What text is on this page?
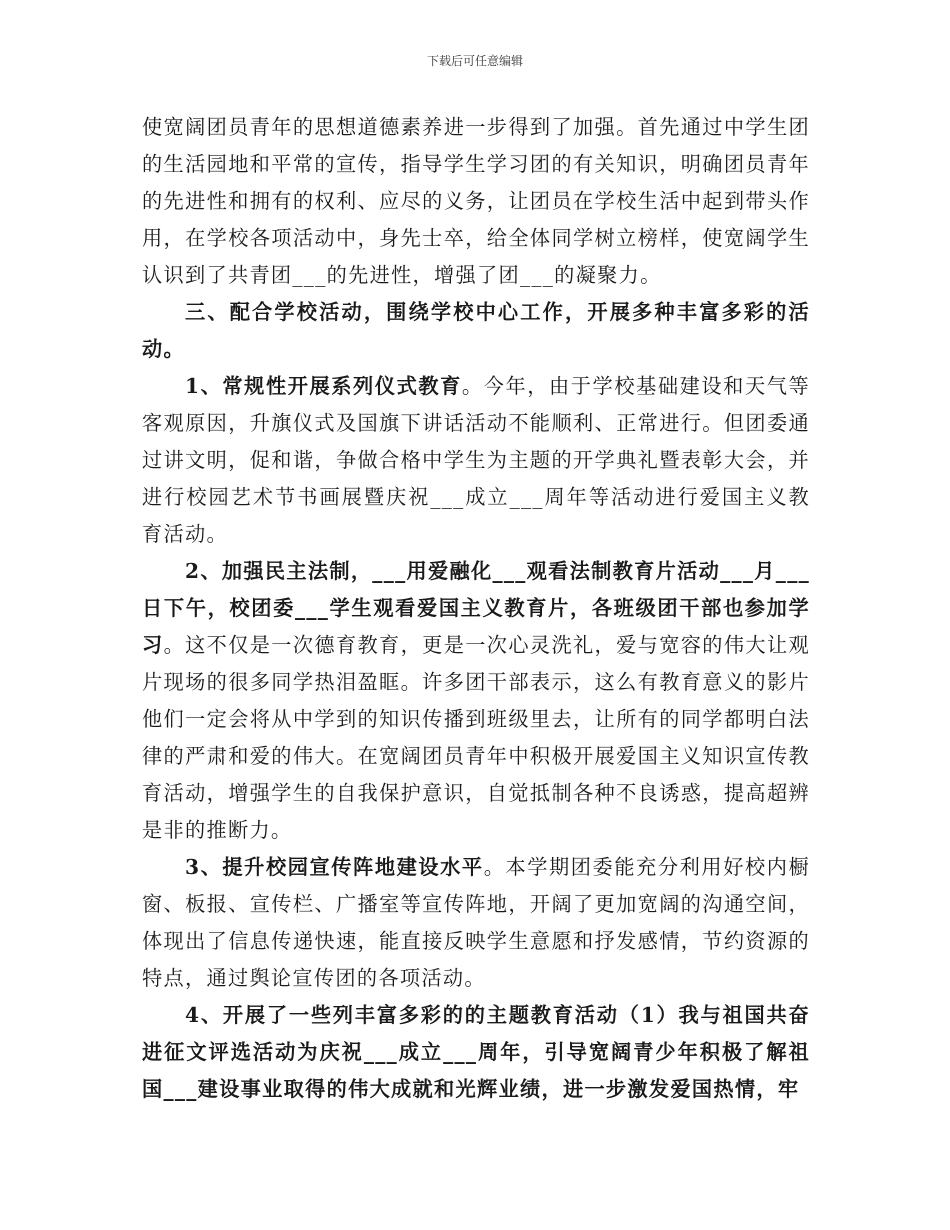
下载后可任意编辑

使宽阔团员青年的思想道德素养进一步得到了加强。首先通过中学生团的生活园地和平常的宣传，指导学生学习团的有关知识，明确团员青年的先进性和拥有的权利、应尽的义务，让团员在学校生活中起到带头作用，在学校各项活动中，身先士卒，给全体同学树立榜样，使宽阔学生认识到了共青团___的先进性，增强了团___的凝聚力。

三、配合学校活动，围绕学校中心工作，开展多种丰富多彩的活动。

1、常规性开展系列仪式教育。今年，由于学校基础建设和天气等客观原因，升旗仪式及国旗下讲话活动不能顺利、正常进行。但团委通过讲文明，促和谐，争做合格中学生为主题的开学典礼暨表彰大会，并进行校园艺术节书画展暨庆祝___成立___周年等活动进行爱国主义教育活动。

2、加强民主法制，___用爱融化___观看法制教育片活动___月___日下午，校团委___学生观看爱国主义教育片，各班级团干部也参加学习。这不仅是一次德育教育，更是一次心灵洗礼，爱与宽容的伟大让观片现场的很多同学热泪盈眶。许多团干部表示，这么有教育意义的影片他们一定会将从中学到的知识传播到班级里去，让所有的同学都明白法律的严肃和爱的伟大。在宽阔团员青年中积极开展爱国主义知识宣传教育活动，增强学生的自我保护意识，自觉抵制各种不良诱惑，提高超辨是非的推断力。

3、提升校园宣传阵地建设水平。本学期团委能充分利用好校内橱窗、板报、宣传栏、广播室等宣传阵地，开阔了更加宽阔的沟通空间，体现出了信息传递快速，能直接反映学生意愿和抒发感情，节约资源的特点，通过舆论宣传团的各项活动。

4、开展了一些列丰富多彩的的主题教育活动（1）我与祖国共奋进征文评选活动为庆祝___成立___周年，引导宽阔青少年积极了解祖国___建设事业取得的伟大成就和光辉业绩，进一步激发爱国热情，牢
